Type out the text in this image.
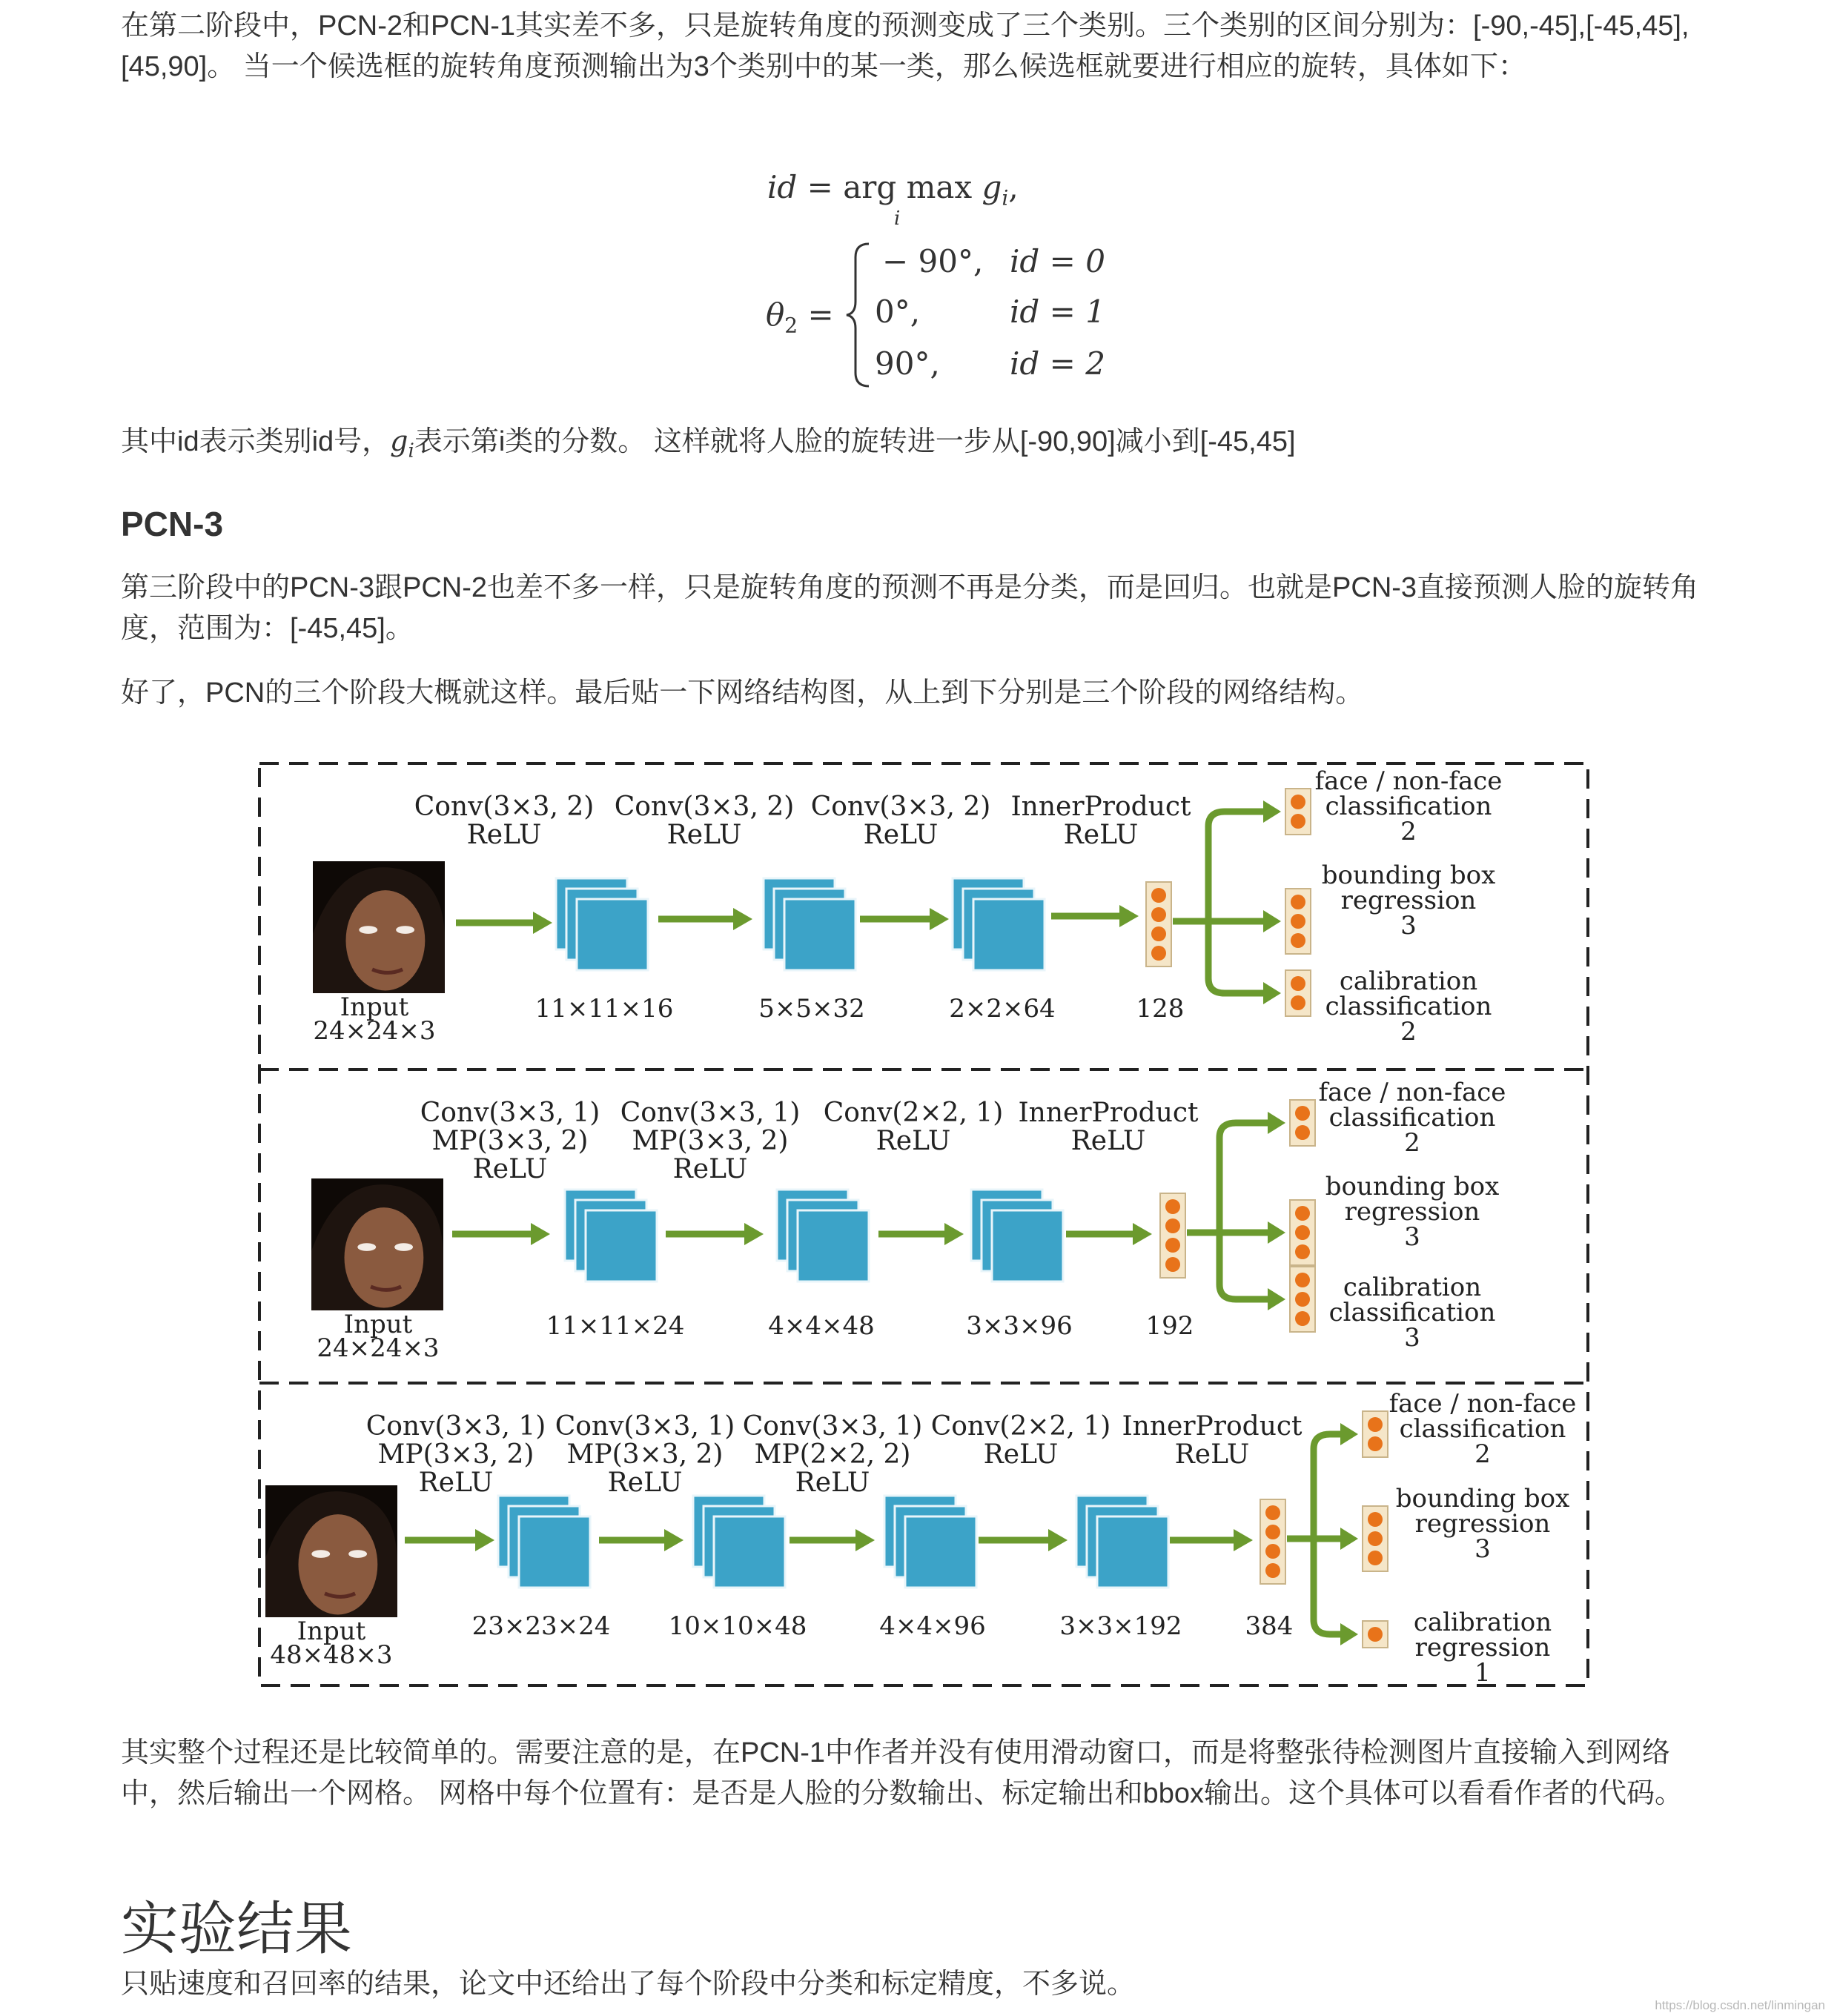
在第二阶段中，PCN-2和PCN-1其实差不多，只是旋转角度的预测变成了三个类别。三个类别的区间分别为：[-90,-45],[-45,45],[45,90]。 当一个候选框的旋转角度预测输出为3个类别中的某一类，那么候选框就要进行相应的旋转，具体如下：

id = arg $\max g_i$,
i
$\theta_2$ =
− 90°, id = 0
0°,	id = 1
90°, id = 2

其中id表示类别id号，$g_i$表示第i类的分数。 这样就将人脸的旋转进一步从[-90,90]减小到[-45,45]

PCN-3

第三阶段中的PCN-3跟PCN-2也差不多一样，只是旋转角度的预测不再是分类，而是回归。也就是PCN-3直接预测人脸的旋转角度，范围为：[-45,45]。

好了，PCN的三个阶段大概就这样。最后贴一下网络结构图，从上到下分别是三个阶段的网络结构。

Conv(3×3, 2)
ReLU
Conv(3×3, 2)
ReLU
Conv(3×3, 2)
ReLU
InnerProduct
ReLU
Input
24×24×3
11×11×16	5×5×32	2×2×64	128
face / non-face
classification
2
bounding box
regression
3
calibration
classification
2
Conv(3×3, 1)
MP(3×3, 2)
ReLU
Conv(3×3, 1)
MP(3×3, 2)
ReLU
Conv(2×2, 1)
ReLU
InnerProduct
ReLU
Input
24×24×3
11×11×24	4×4×48	3×3×96	192
face / non-face
classification
2
bounding box
regression
3
calibration
classification
3
Conv(3×3, 1)
MP(3×3, 2)
ReLU
Conv(3×3, 1)
MP(3×3, 2)
ReLU
Conv(3×3, 1)
MP(2×2, 2)
ReLU
Conv(2×2, 1)
ReLU
InnerProduct
ReLU
Input
48×48×3
23×23×24 10×10×48	4×4×96	3×3×192 384
face / non-face
classification
2
bounding box
regression
3
calibration
regression
1

其实整个过程还是比较简单的。需要注意的是，在PCN-1中作者并没有使用滑动窗口，而是将整张待检测图片直接输入到网络中，然后输出一个网格。 网格中每个位置有：是否是人脸的分数输出、标定输出和bbox输出。这个具体可以看看作者的代码。

实验结果

只贴速度和召回率的结果，论文中还给出了每个阶段中分类和标定精度，不多说。

https://blog.csdn.net/linmingan
